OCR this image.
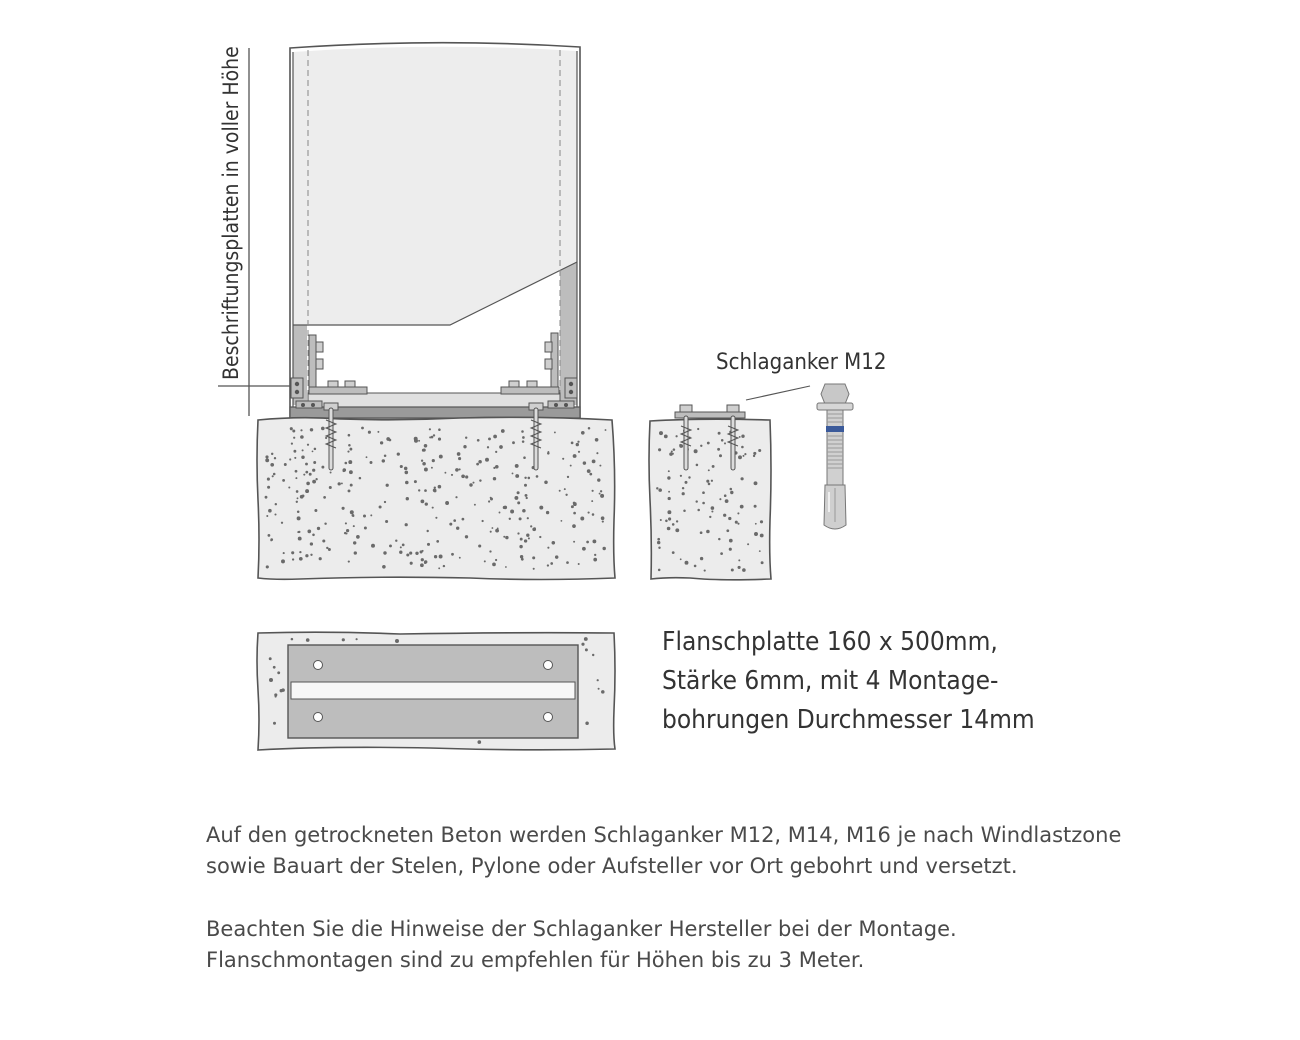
Beschriftungsplatten in voller Höhe	Schlaganker M12
Flanschplatte 160 x 500mm,
Stärke 6mm, mit 4 Montage-
bohrungen Durchmesser 14mm

Auf den getrockneten Beton werden Schlaganker M12, M14, M16 je nach Windlastzone

sowie Bauart der Stelen, Pylone oder Aufsteller vor Ort gebohrt und versetzt.

Beachten Sie die Hinweise der Schlaganker Hersteller bei der Montage.

Flanschmontagen sind zu empfehlen für Höhen bis zu 3 Meter.
